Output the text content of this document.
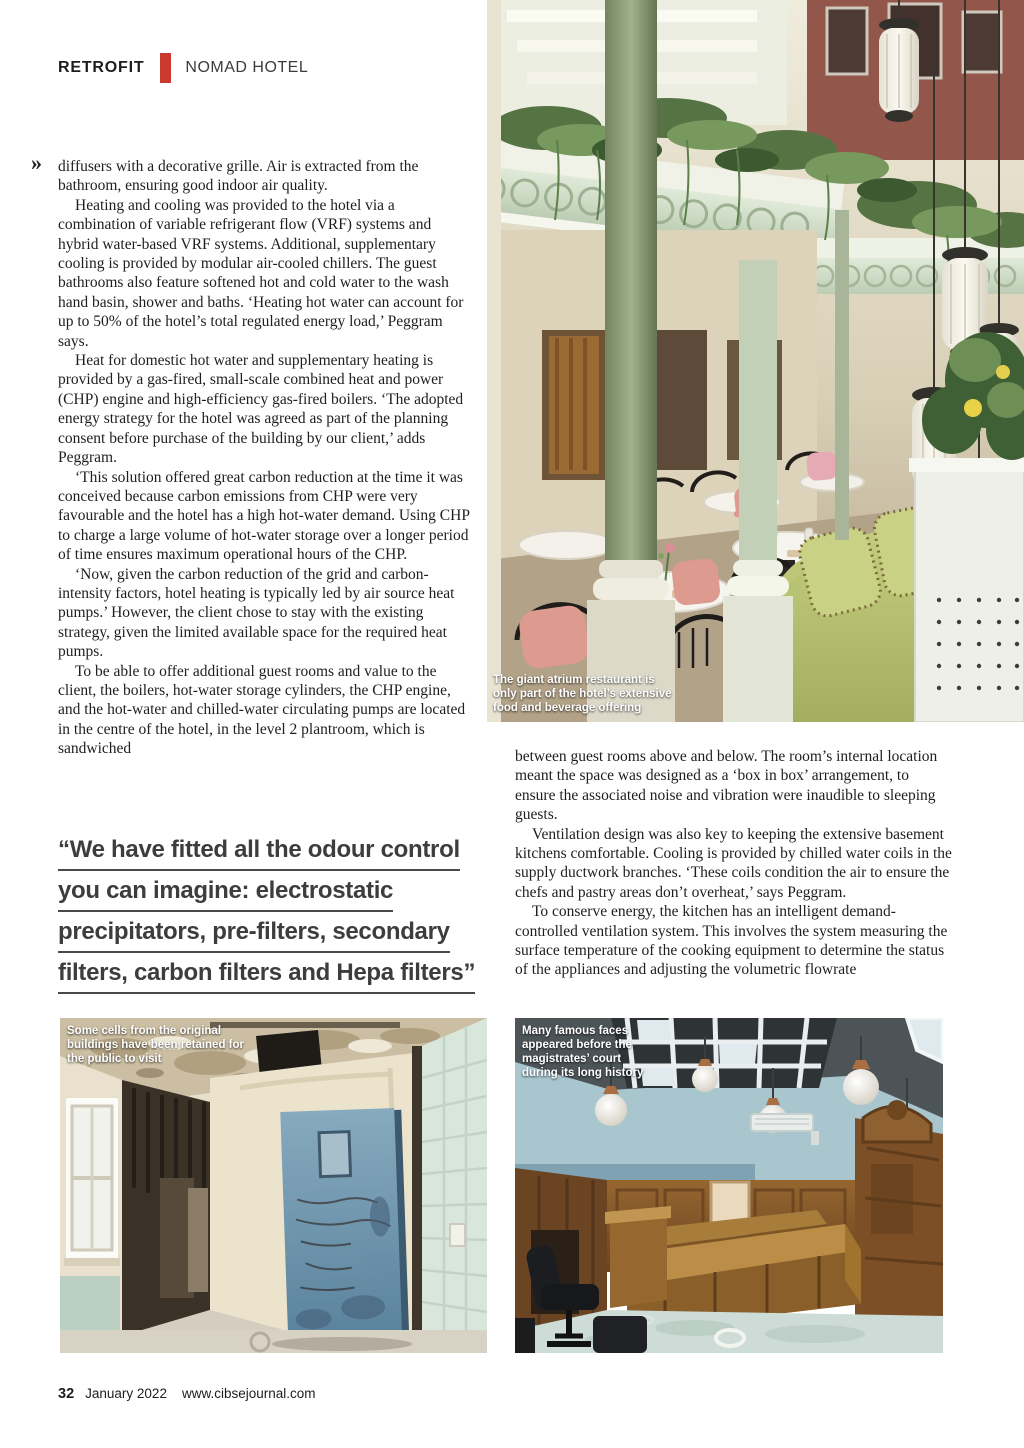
RETROFIT	NOMAD HOTEL
» diffusers with a decorative grille. Air is extracted from the bathroom, ensuring good indoor air quality.

Heating and cooling was provided to the hotel via a combination of variable refrigerant flow (VRF) systems and hybrid water-based VRF systems. Additional, supplementary cooling is provided by modular air-cooled chillers. The guest bathrooms also feature softened hot and cold water to the wash hand basin, shower and baths. ‘Heating hot water can account for up to 50% of the hotel’s total regulated energy load,’ Peggram says.

Heat for domestic hot water and supplementary heating is provided by a gas-fired, small-scale combined heat and power (CHP) engine and high-efficiency gas-fired boilers. ‘The adopted energy strategy for the hotel was agreed as part of the planning consent before purchase of the building by our client,’ adds Peggram.

‘This solution offered great carbon reduction at the time it was conceived because carbon emissions from CHP were very favourable and the hotel has a high hot-water demand. Using CHP to charge a large volume of hot-water storage over a longer period of time ensures maximum operational hours of the CHP.

‘Now, given the carbon reduction of the grid and carbon-intensity factors, hotel heating is typically led by air source heat pumps.’ However, the client chose to stay with the existing strategy, given the limited available space for the required heat pumps.

To be able to offer additional guest rooms and value to the client, the boilers, hot-water storage cylinders, the CHP engine, and the hot-water and chilled-water circulating pumps are located in the centre of the hotel, in the level 2 plantroom, which is sandwiched

“We have fitted all the odour control
you can imagine: electrostatic
precipitators, pre-filters, secondary
filters, carbon filters and Hepa filters”

between guest rooms above and below. The room’s internal location meant the space was designed as a ‘box in box’ arrangement, to ensure the associated noise and vibration were inaudible to sleeping guests.

Ventilation design was also key to keeping the extensive basement kitchens comfortable. Cooling is provided by chilled water coils in the supply ductwork branches. ‘These coils condition the air to ensure the chefs and pastry areas don’t overheat,’ says Peggram.

To conserve energy, the kitchen has an intelligent demand-controlled ventilation system. This involves the system measuring the surface temperature of the cooking equipment to determine the status of the appliances and adjusting the volumetric flowrate

The giant atrium restaurant is
only part of the hotel’s extensive
food and beverage offering
Some cells from the original
buildings have been retained for
the public to visit
Many famous faces
appeared before the
magistrates’ court
during its long history
32 January 2022 www.cibsejournal.com
